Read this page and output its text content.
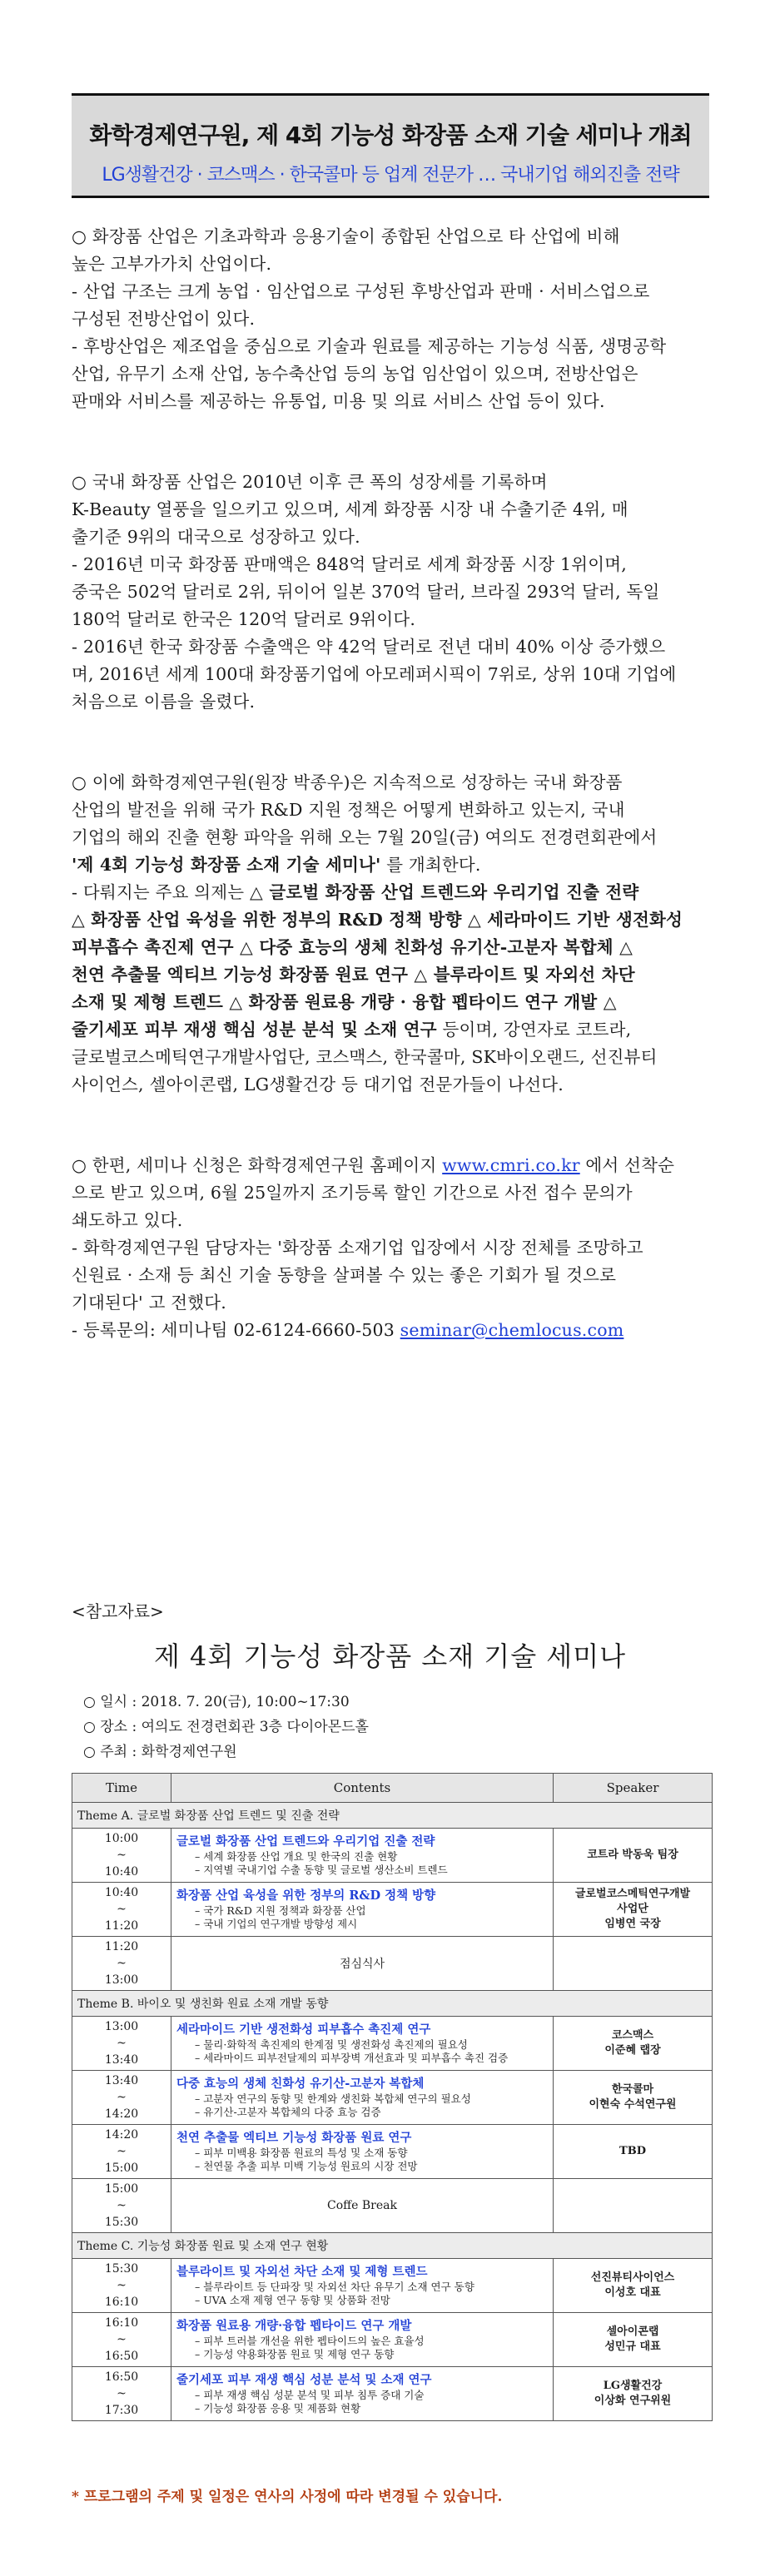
화학경제연구원, 제 4회 기능성 화장품 소재 기술 세미나 개최
LG생활건강 · 코스맥스 · 한국콜마 등 업계 전문가 … 국내기업 해외진출 전략

○ 화장품 산업은 기초과학과 응용기술이 종합된 산업으로 타 산업에 비해
높은 고부가가치 산업이다.
- 산업 구조는 크게 농업 · 임산업으로 구성된 후방산업과 판매 · 서비스업으로
구성된 전방산업이 있다.
- 후방산업은 제조업을 중심으로 기술과 원료를 제공하는 기능성 식품, 생명공학
산업, 유무기 소재 산업, 농수축산업 등의 농업 임산업이 있으며, 전방산업은
판매와 서비스를 제공하는 유통업, 미용 및 의료 서비스 산업 등이 있다.

○ 국내 화장품 산업은 2010년 이후 큰 폭의 성장세를 기록하며
K-Beauty 열풍을 일으키고 있으며, 세계 화장품 시장 내 수출기준 4위, 매
출기준 9위의 대국으로 성장하고 있다.
- 2016년 미국 화장품 판매액은 848억 달러로 세계 화장품 시장 1위이며,
중국은 502억 달러로 2위, 뒤이어 일본 370억 달러, 브라질 293억 달러, 독일
180억 달러로 한국은 120억 달러로 9위이다.
- 2016년 한국 화장품 수출액은 약 42억 달러로 전년 대비 40% 이상 증가했으
며, 2016년 세계 100대 화장품기업에 아모레퍼시픽이 7위로, 상위 10대 기업에
처음으로 이름을 올렸다.

○ 이에 화학경제연구원(원장 박종우)은 지속적으로 성장하는 국내 화장품
산업의 발전을 위해 국가 R&D 지원 정책은 어떻게 변화하고 있는지, 국내
기업의 해외 진출 현황 파악을 위해 오는 7월 20일(금) 여의도 전경련회관에서
'제 4회 기능성 화장품 소재 기술 세미나' 를 개최한다.
- 다뤄지는 주요 의제는 △ 글로벌 화장품 산업 트렌드와 우리기업 진출 전략
△ 화장품 산업 육성을 위한 정부의 R&D 정책 방향 △ 세라마이드 기반 생전화성
피부흡수 촉진제 연구 △ 다중 효능의 생체 친화성 유기산-고분자 복합체 △
천연 추출물 엑티브 기능성 화장품 원료 연구 △ 블루라이트 및 자외선 차단
소재 및 제형 트렌드 △ 화장품 원료용 개량 · 융합 펩타이드 연구 개발 △
줄기세포 피부 재생 핵심 성분 분석 및 소재 연구 등이며, 강연자로 코트라,
글로벌코스메틱연구개발사업단, 코스맥스, 한국콜마, SK바이오랜드, 선진뷰티
사이언스, 셀아이콘랩, LG생활건강 등 대기업 전문가들이 나선다.

○ 한편, 세미나 신청은 화학경제연구원 홈페이지 www.cmri.co.kr 에서 선착순
으로 받고 있으며, 6월 25일까지 조기등록 할인 기간으로 사전 접수 문의가
쇄도하고 있다.
- 화학경제연구원 담당자는 '화장품 소재기업 입장에서 시장 전체를 조망하고
신원료 · 소재 등 최신 기술 동향을 살펴볼 수 있는 좋은 기회가 될 것으로
기대된다' 고 전했다.
- 등록문의: 세미나팀 02-6124-6660-503 seminar@chemlocus.com

<참고자료>
제 4회 기능성 화장품 소재 기술 세미나
○ 일시 : 2018. 7. 20(금), 10:00~17:30
○ 장소 : 여의도 전경련회관 3층 다이아몬드홀
○ 주최 : 화학경제연구원
Time	Contents	Speaker
Theme A. 글로벌 화장품 산업 트렌드 및 진출 전략		
10:00
~
10:40	글로벌 화장품 산업 트렌드와 우리기업 진출 전략
– 세계 화장품 산업 개요 및 한국의 진출 현황
– 지역별 국내기업 수출 동향 및 글로벌 생산소비 트렌드	코트라 박동욱 팀장
10:40
~
11:20	화장품 산업 육성을 위한 정부의 R&D 정책 방향
– 국가 R&D 지원 정책과 화장품 산업
– 국내 기업의 연구개발 방향성 제시	글로벌코스메틱연구개발
사업단
임병연 국장
11:20
~
13:00	점심식사	
Theme B. 바이오 및 생친화 원료 소재 개발 동향		
13:00
~
13:40	세라마이드 기반 생전화성 피부흡수 촉진제 연구
– 물리·화학적 촉진제의 한계점 및 생전화성 촉진제의 필요성
– 세라마이드 피부전달제의 피부장벽 개선효과 및 피부흡수 촉진 검증	코스맥스
이준혜 랩장
13:40
~
14:20	다중 효능의 생체 친화성 유기산-고분자 복합체
– 고분자 연구의 동향 및 한계와 생친화 복합체 연구의 필요성
– 유기산-고분자 복합체의 다중 효능 검증	한국콜마
이현숙 수석연구원
14:20
~
15:00	천연 추출물 엑티브 기능성 화장품 원료 연구
– 피부 미백용 화장품 원료의 특성 및 소재 동향
– 천연물 추출 피부 미백 기능성 원료의 시장 전망	TBD
15:00
~
15:30	Coffe Break	
Theme C. 기능성 화장품 원료 및 소재 연구 현황		
15:30
~
16:10	블루라이트 및 자외선 차단 소재 및 제형 트렌드
– 블루라이트 등 단파장 및 자외선 차단 유무기 소재 연구 동향
– UVA 소재 제형 연구 동향 및 상품화 전망	선진뷰티사이언스
이성호 대표
16:10
~
16:50	화장품 원료용 개량·융합 펩타이드 연구 개발
– 피부 트러블 개선을 위한 펩타이드의 높은 효율성
– 기능성 약용화장품 원료 및 제형 연구 동향	셀아이콘랩
성민규 대표
16:50
~
17:30	줄기세포 피부 재생 핵심 성분 분석 및 소재 연구
– 피부 재생 핵심 성분 분석 및 피부 침투 증대 기술
– 기능성 화장품 응용 및 제품화 현황	LG생활건강
이상화 연구위원
* 프로그램의 주제 및 일정은 연사의 사정에 따라 변경될 수 있습니다.
